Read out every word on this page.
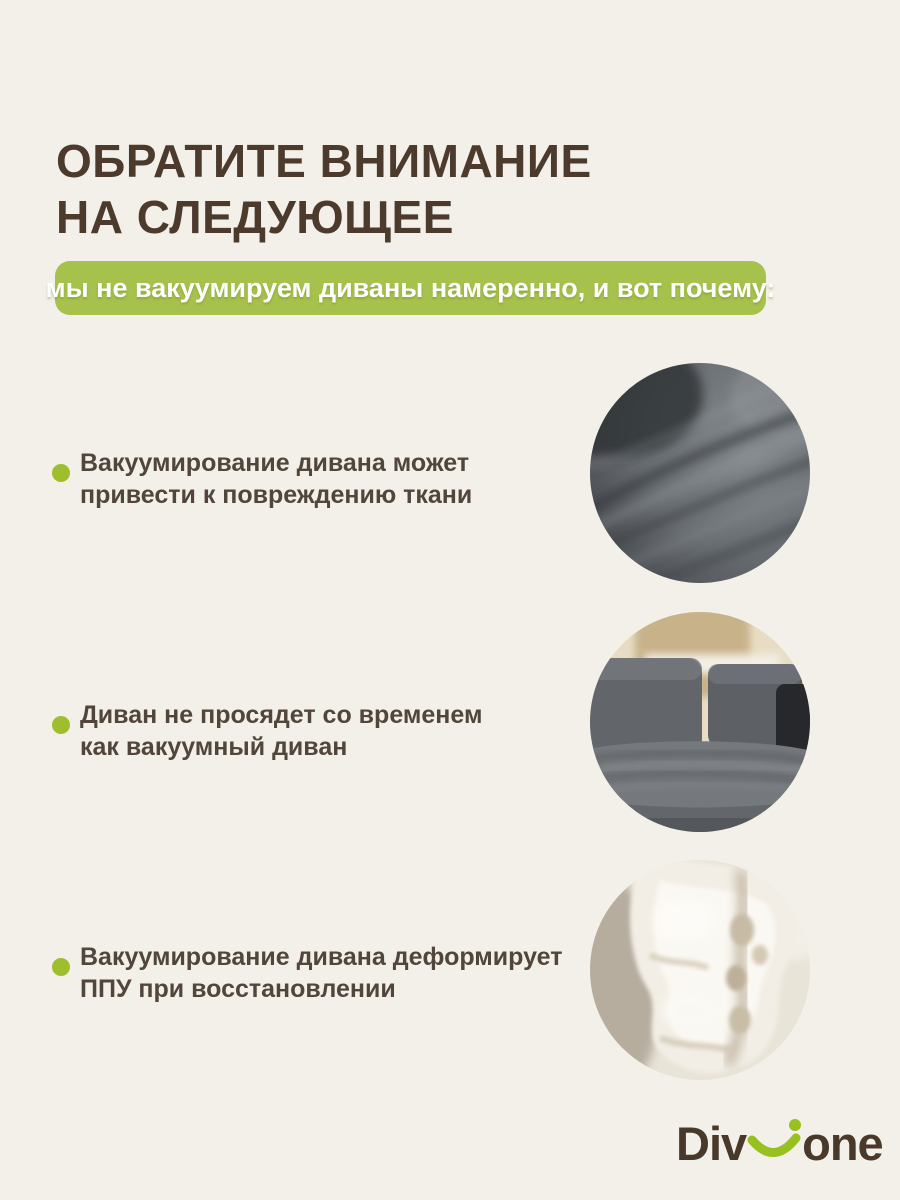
ОБРАТИТЕ ВНИМАНИЕ
НА СЛЕДУЮЩЕЕ
мы не вакуумируем диваны намеренно, и вот почему:

Вакуумирование дивана может
привести к повреждению ткани

Диван не просядет со временем
как вакуумный диван

Вакуумирование дивана деформирует
ППУ при восстановлении

Div one
